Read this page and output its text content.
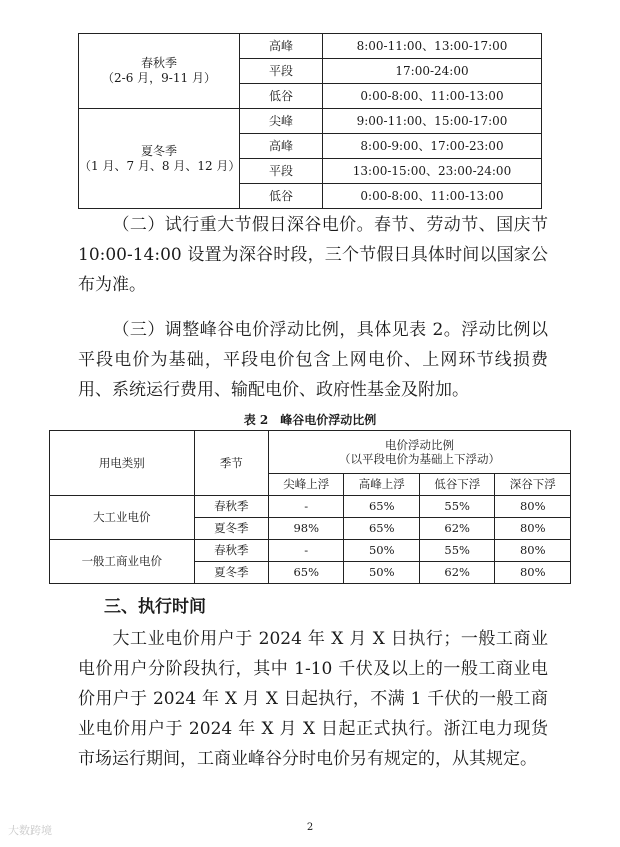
春秋季
（2-6 月，9-11 月）	高峰	8:00-11:00、13:00-17:00
	平段	17:00-24:00
	低谷	0:00-8:00、11:00-13:00

夏冬季
（1 月、7 月、8 月、12 月）	尖峰	9:00-11:00、15:00-17:00
	高峰	8:00-9:00、17:00-23:00
	平段	13:00-15:00、23:00-24:00
	低谷	0:00-8:00、11:00-13:00

（二）试行重大节假日深谷电价。春节、劳动节、国庆节 10:00-14:00 设置为深谷时段，三个节假日具体时间以国家公布为准。

（三）调整峰谷电价浮动比例，具体见表 2。浮动比例以平段电价为基础，平段电价包含上网电价、上网环节线损费用、系统运行费用、输配电价、政府性基金及附加。

表 2　峰谷电价浮动比例
用电类别	季节	电价浮动比例
（以平段电价为基础上下浮动）			

		尖峰上浮	高峰上浮	低谷下浮	深谷下浮
大工业电价	春秋季	-	65%	55%	80%
	夏冬季	98%	65%	62%	80%
一般工商业电价	春秋季	-	50%	55%	80%
	夏冬季	65%	50%	62%	80%
三、执行时间

大工业电价用户于 2024 年 X 月 X 日执行；一般工商业电价用户分阶段执行，其中 1-10 千伏及以上的一般工商业电价用户于 2024 年 X 月 X 日起执行，不满 1 千伏的一般工商业电价用户于 2024 年 X 月 X 日起正式执行。浙江电力现货市场运行期间，工商业峰谷分时电价另有规定的，从其规定。

大数跨境	2
